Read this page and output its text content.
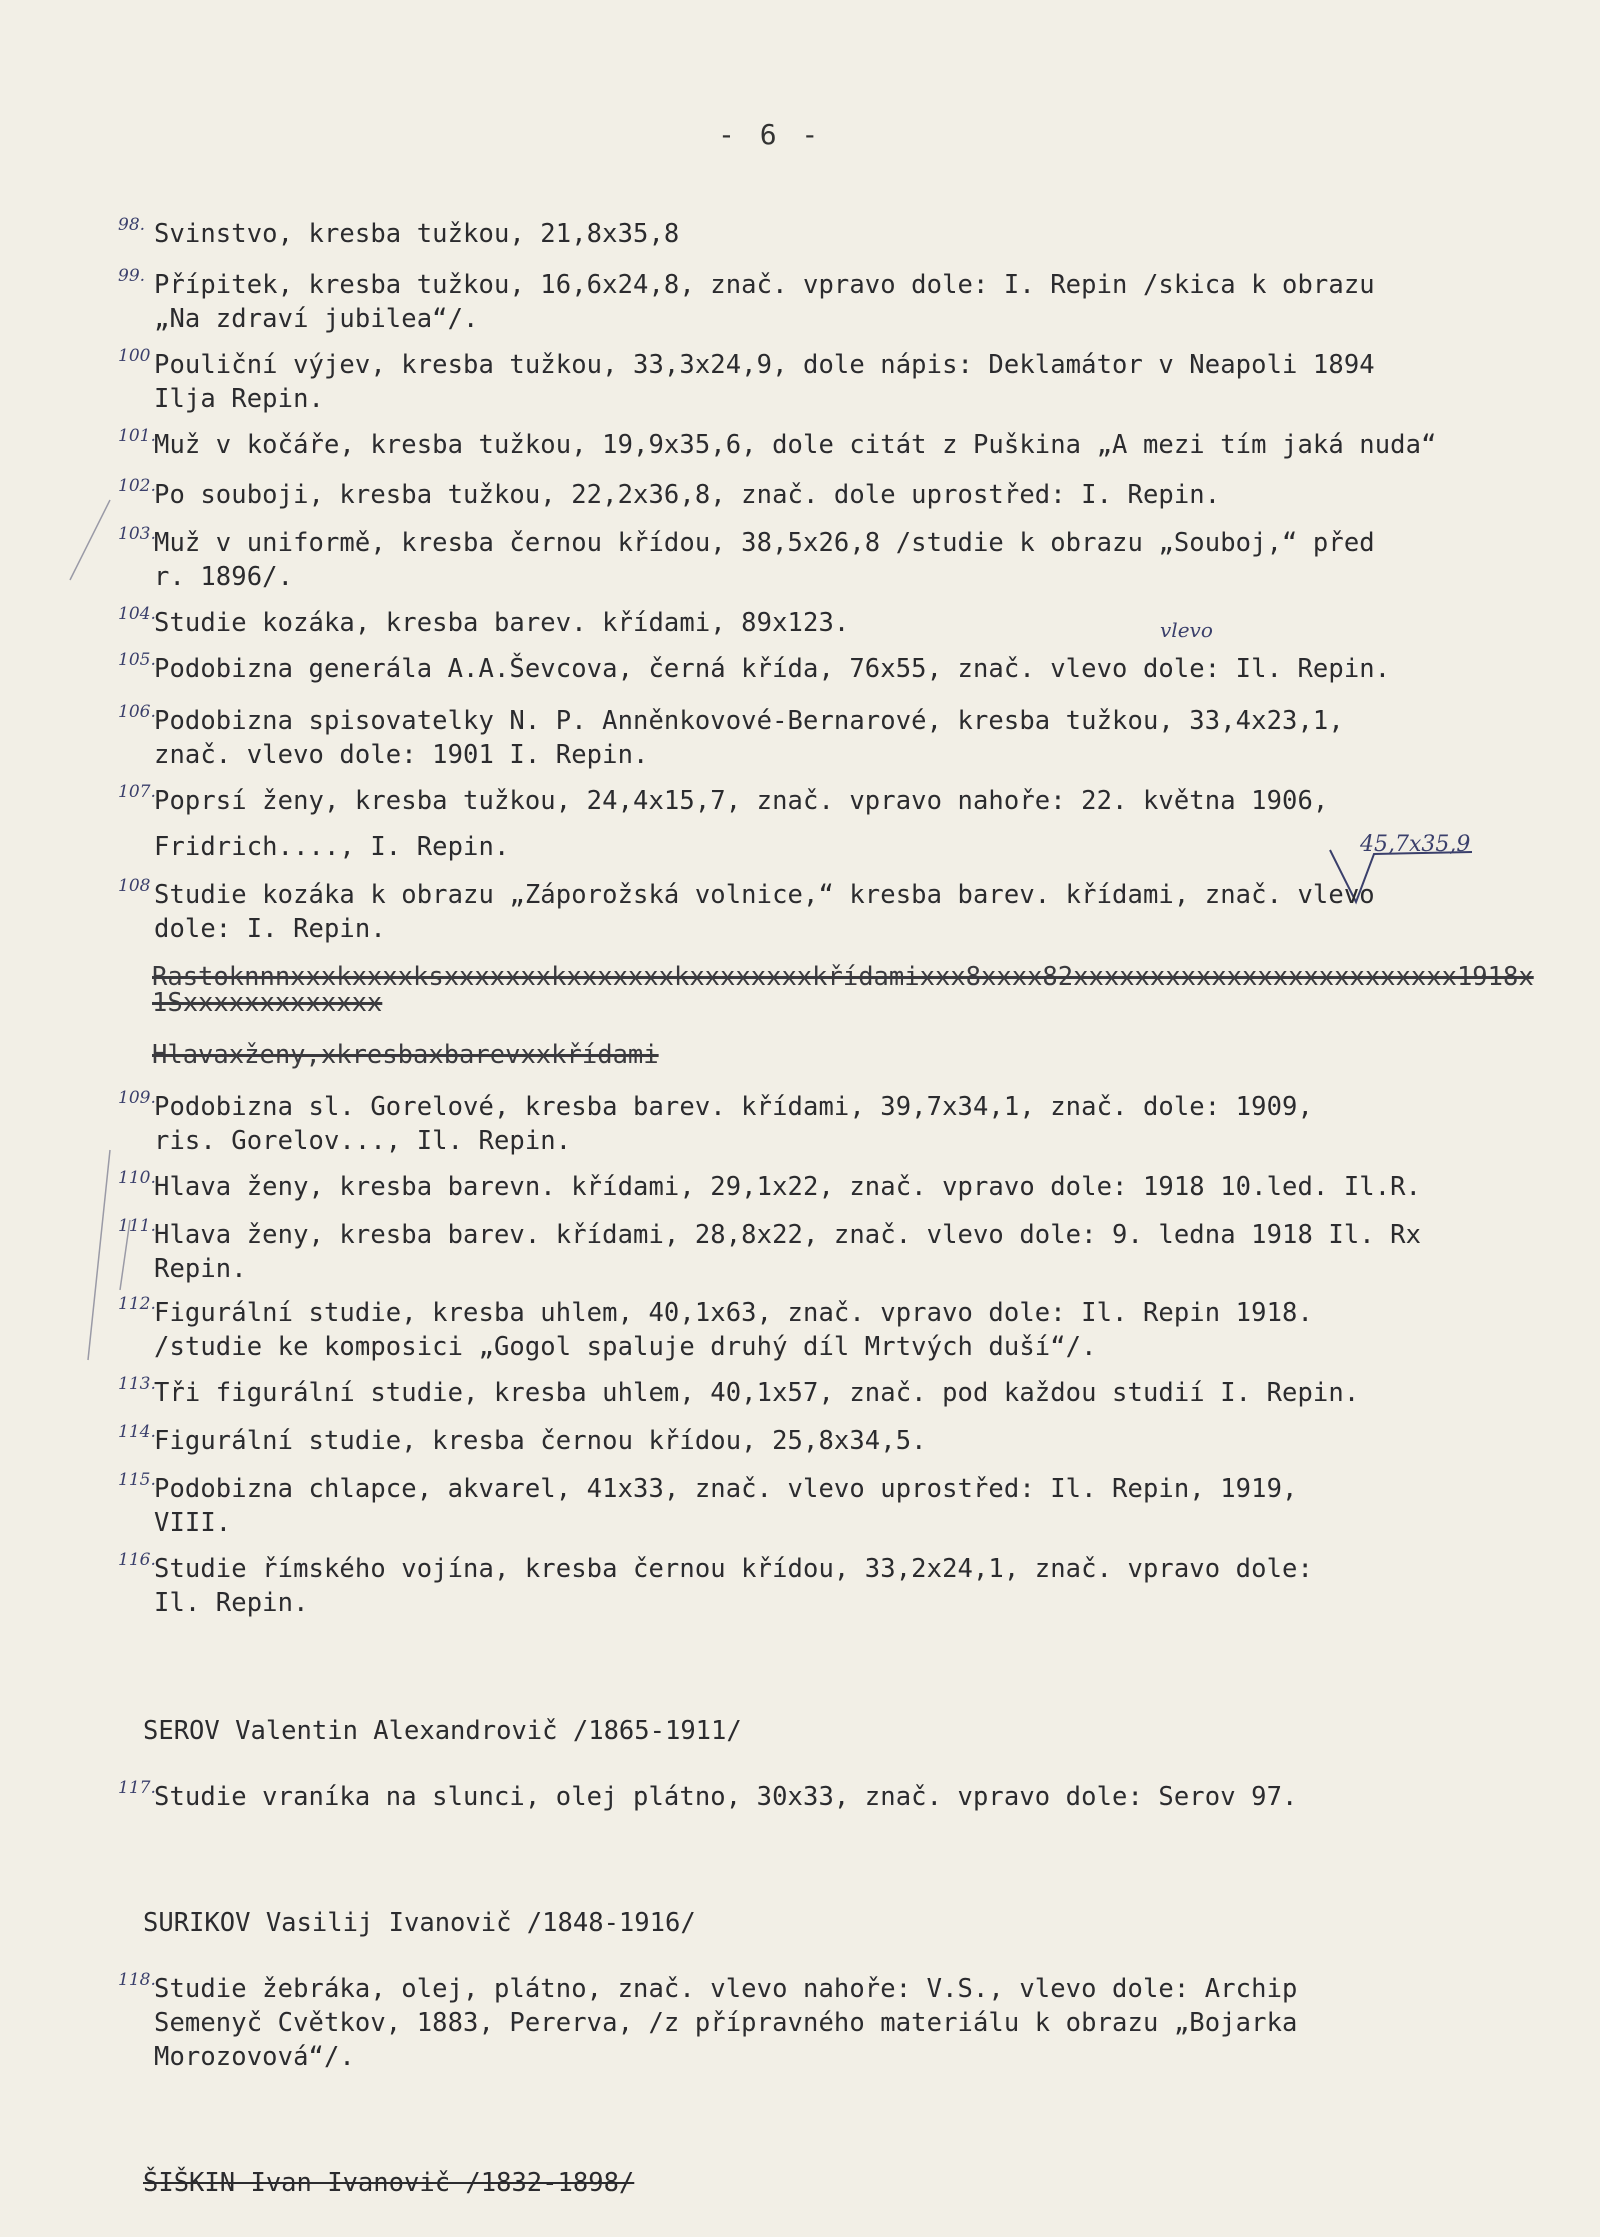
- 6 -
98. Svinstvo, kresba tužkou, 21,8x35,8
99. Přípitek, kresba tužkou, 16,6x24,8, znač. vpravo dole: I. Repin /skica k obrazu
„Na zdraví jubilea“/.
100 Pouliční výjev, kresba tužkou, 33,3x24,9, dole nápis: Deklamátor v Neapoli 1894
Ilja Repin.
101.
Muž v kočáře, kresba tužkou, 19,9x35,6, dole citát z Puškina „A mezi tím jaká nuda“
102.
Po souboji, kresba tužkou, 22,2x36,8, znač. dole uprostřed: I. Repin.
103.
Muž v uniformě, kresba černou křídou, 38,5x26,8 /studie k obrazu „Souboj,“ před
r. 1896/.
104.
Studie kozáka, kresba barev. křídami, 89x123.	vlevo
105.
Podobizna generála A.A.Ševcova, černá křída, 76x55, znač. vlevo dole: Il. Repin.
106.
Podobizna spisovatelky N. P. Anněnkovové-Bernarové, kresba tužkou, 33,4x23,1,
znač. vlevo dole: 1901 I. Repin.
107.
Poprsí ženy, kresba tužkou, 24,4x15,7, znač. vpravo nahoře: 22. května 1906,
Fridrich...., I. Repin.	45,7x35,9
108 Studie kozáka k obrazu „Záporožská volnice,“ kresba barev. křídami, znač. vlevo
dole: I. Repin.
Rastoknnnxxxkxxxxksxxxxxxxkxxxxxxxkxxxxxxxxkřídamixxx8xxxx82xxxxxxxxxxxxxxxxxxxxxxxxx1918x
1Sxxxxxxxxxxxxx
Hlavaxženy,xkresbaxbarevxxkřídami
109.
Podobizna sl. Gorelové, kresba barev. křídami, 39,7x34,1, znač. dole: 1909,
ris. Gorelov..., Il. Repin.
110.
Hlava ženy, kresba barevn. křídami, 29,1x22, znač. vpravo dole: 1918 10.led. Il.R.
111.
Hlava ženy, kresba barev. křídami, 28,8x22, znač. vlevo dole: 9. ledna 1918 Il. Rx
Repin.
112.
Figurální studie, kresba uhlem, 40,1x63, znač. vpravo dole: Il. Repin 1918.
/studie ke komposici „Gogol spaluje druhý díl Mrtvých duší“/.
113.
Tři figurální studie, kresba uhlem, 40,1x57, znač. pod každou studií I. Repin.
114.
Figurální studie, kresba černou křídou, 25,8x34,5.
115.
Podobizna chlapce, akvarel, 41x33, znač. vlevo uprostřed: Il. Repin, 1919,
VIII.
116.
Studie římského vojína, kresba černou křídou, 33,2x24,1, znač. vpravo dole:
Il. Repin.
SEROV Valentin Alexandrovič /1865-1911/
117.
Studie vraníka na slunci, olej plátno, 30x33, znač. vpravo dole: Serov 97.
SURIKOV Vasilij Ivanovič /1848-1916/
118.
Studie žebráka, olej, plátno, znač. vlevo nahoře: V.S., vlevo dole: Archip
Semenyč Cvětkov, 1883, Pererva, /z přípravného materiálu k obrazu „Bojarka
Morozovová“/.
ŠIŠKIN Ivan Ivanovič /1832-1898/
